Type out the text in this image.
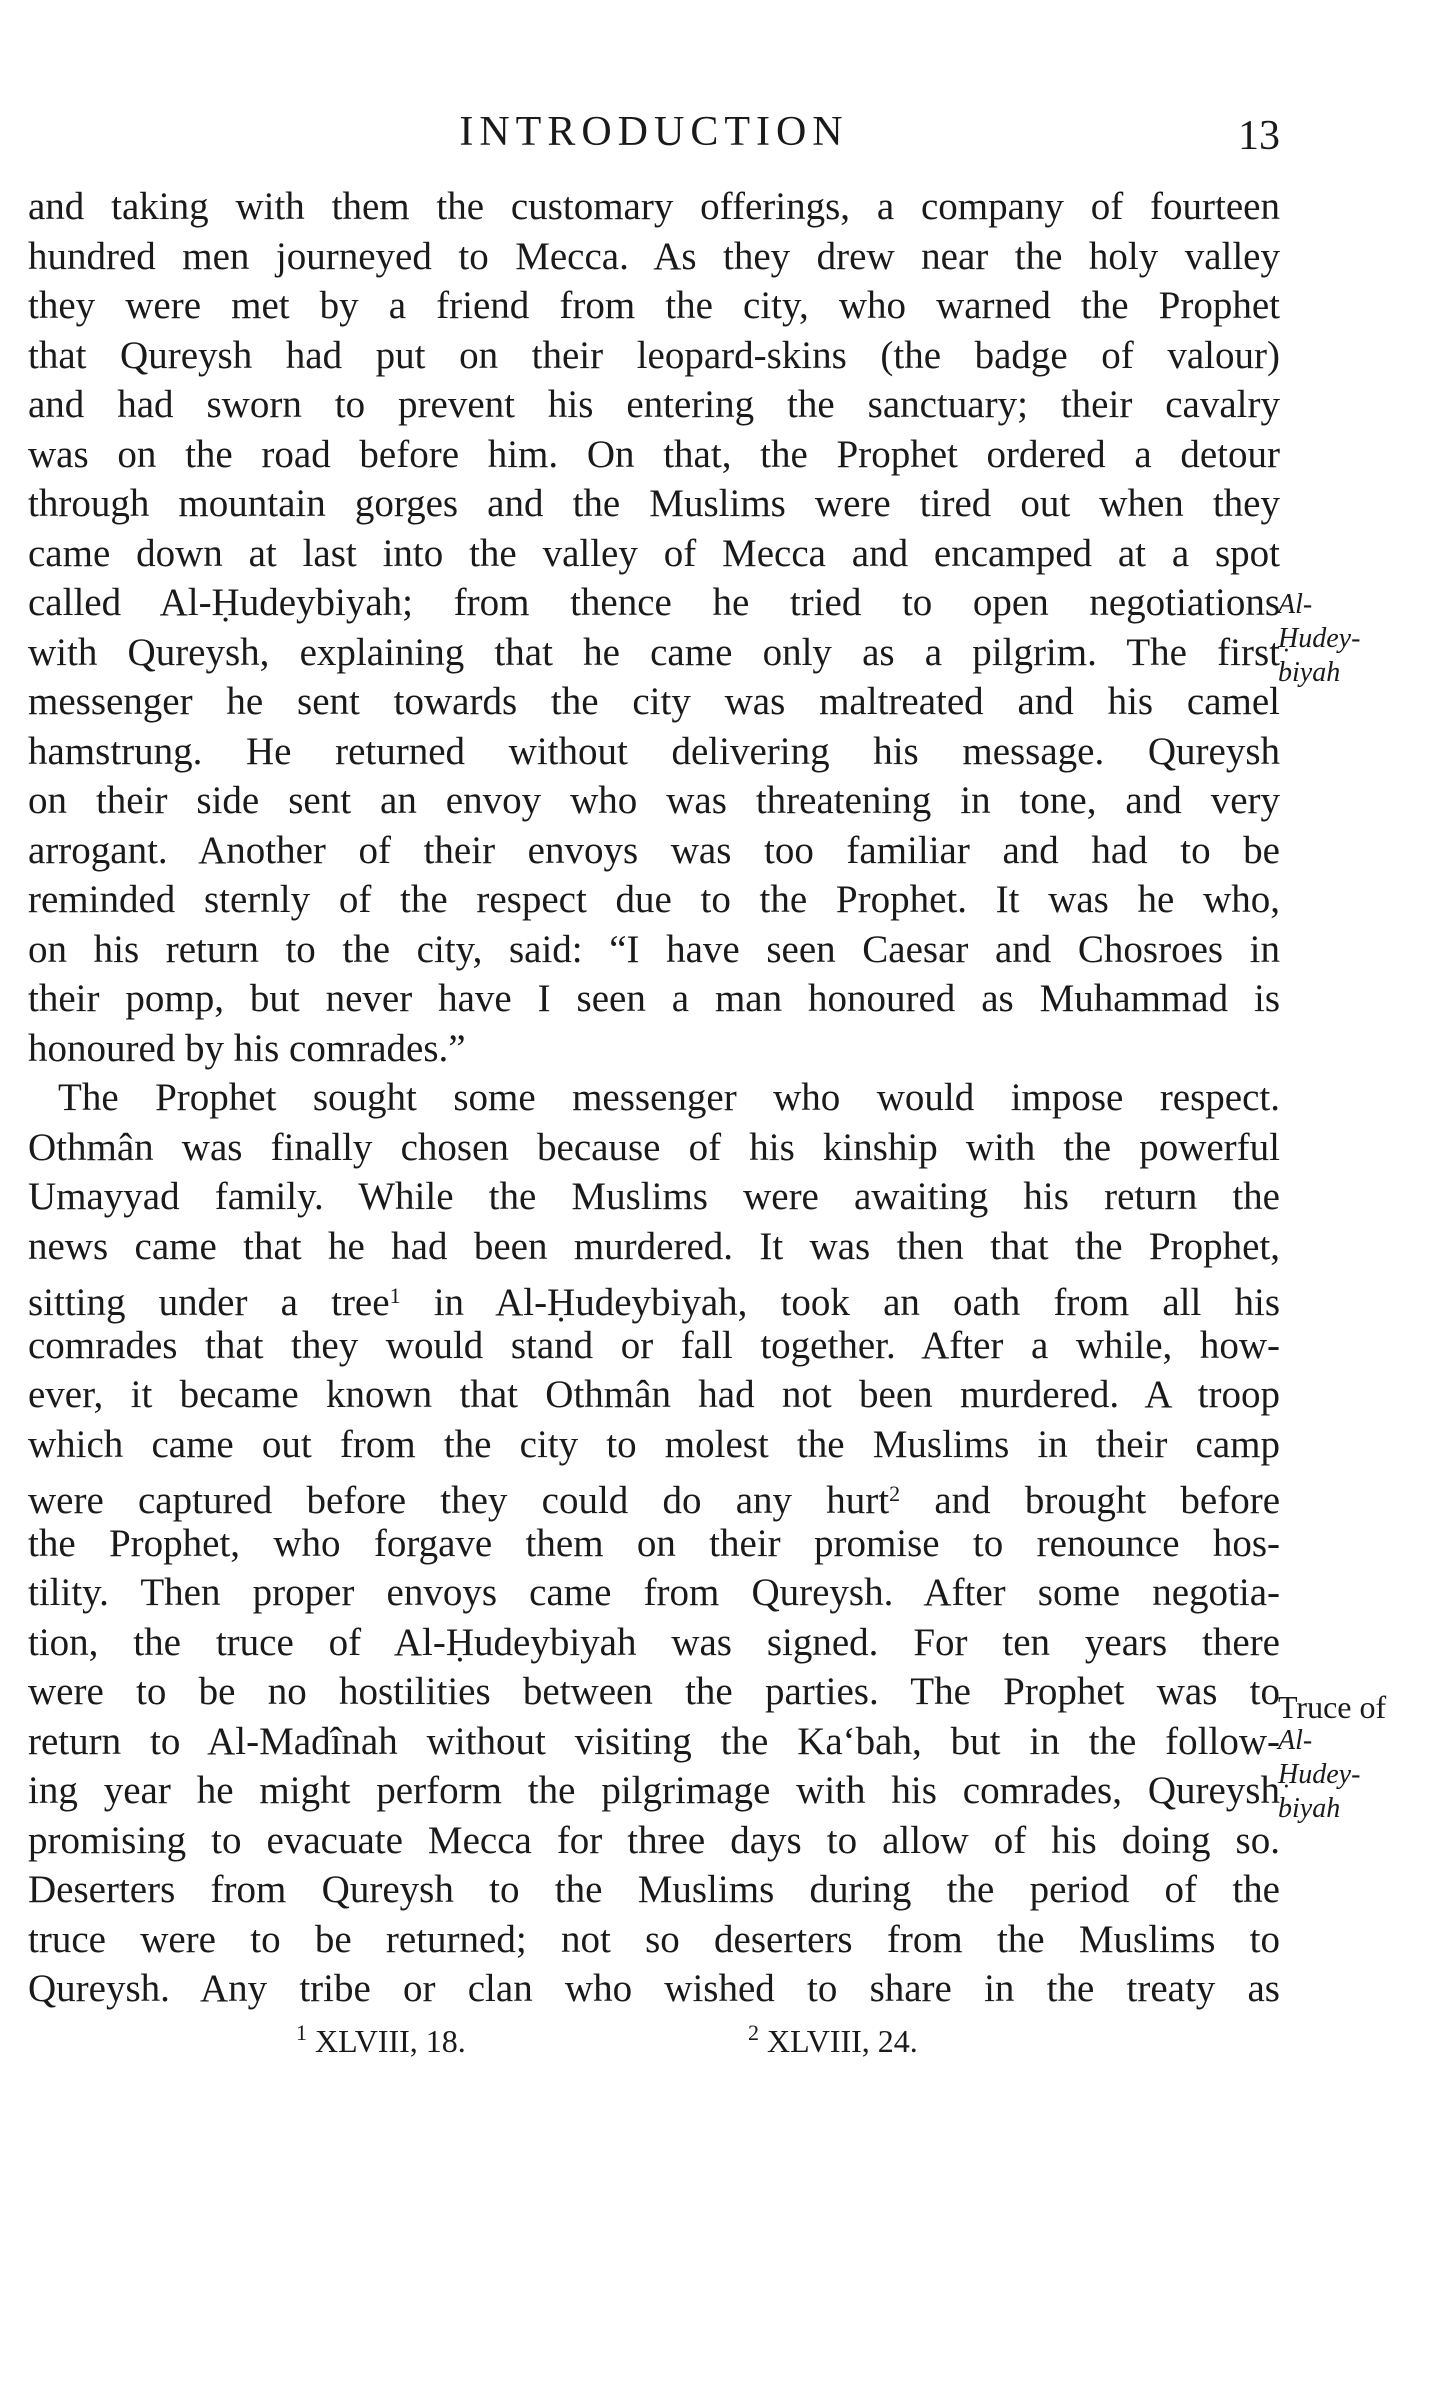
INTRODUCTION	13
and taking with them the customary offerings, a company of fourteen
hundred men journeyed to Mecca. As they drew near the holy valley
they were met by a friend from the city, who warned the Prophet
that Qureysh had put on their leopard-skins (the badge of valour)
and had sworn to prevent his entering the sanctuary; their cavalry
was on the road before him. On that, the Prophet ordered a detour
through mountain gorges and the Muslims were tired out when they
came down at last into the valley of Mecca and encamped at a spot
called Al-Ḥudeybiyah; from thence he tried to open negotiations
with Qureysh, explaining that he came only as a pilgrim. The first
messenger he sent towards the city was maltreated and his camel
hamstrung. He returned without delivering his message. Qureysh
on their side sent an envoy who was threatening in tone, and very
arrogant. Another of their envoys was too familiar and had to be
reminded sternly of the respect due to the Prophet. It was he who,
on his return to the city, said: “I have seen Caesar and Chosroes in
their pomp, but never have I seen a man honoured as Muhammad is
honoured by his comrades.”
The Prophet sought some messenger who would impose respect.
Othmân was finally chosen because of his kinship with the powerful
Umayyad family. While the Muslims were awaiting his return the
news came that he had been murdered. It was then that the Prophet,
sitting under a tree$^1$ in Al-Ḥudeybiyah, took an oath from all his
comrades that they would stand or fall together. After a while, how-
ever, it became known that Othmân had not been murdered. A troop
which came out from the city to molest the Muslims in their camp
were captured before they could do any hurt$^2$ and brought before
the Prophet, who forgave them on their promise to renounce hos-
tility. Then proper envoys came from Qureysh. After some negotia-
tion, the truce of Al-Ḥudeybiyah was signed. For ten years there
were to be no hostilities between the parties. The Prophet was to
return to Al-Madînah without visiting the Ka‘bah, but in the follow-
ing year he might perform the pilgrimage with his comrades, Qureysh
promising to evacuate Mecca for three days to allow of his doing so.
Deserters from Qureysh to the Muslims during the period of the
truce were to be returned; not so deserters from the Muslims to
Qureysh. Any tribe or clan who wished to share in the treaty as
Al-
Ḥudey-
biyah
Truce of
Al-
Ḥudey-
biyah
$^1$ XLVIII, 18.	$^2$ XLVIII, 24.
